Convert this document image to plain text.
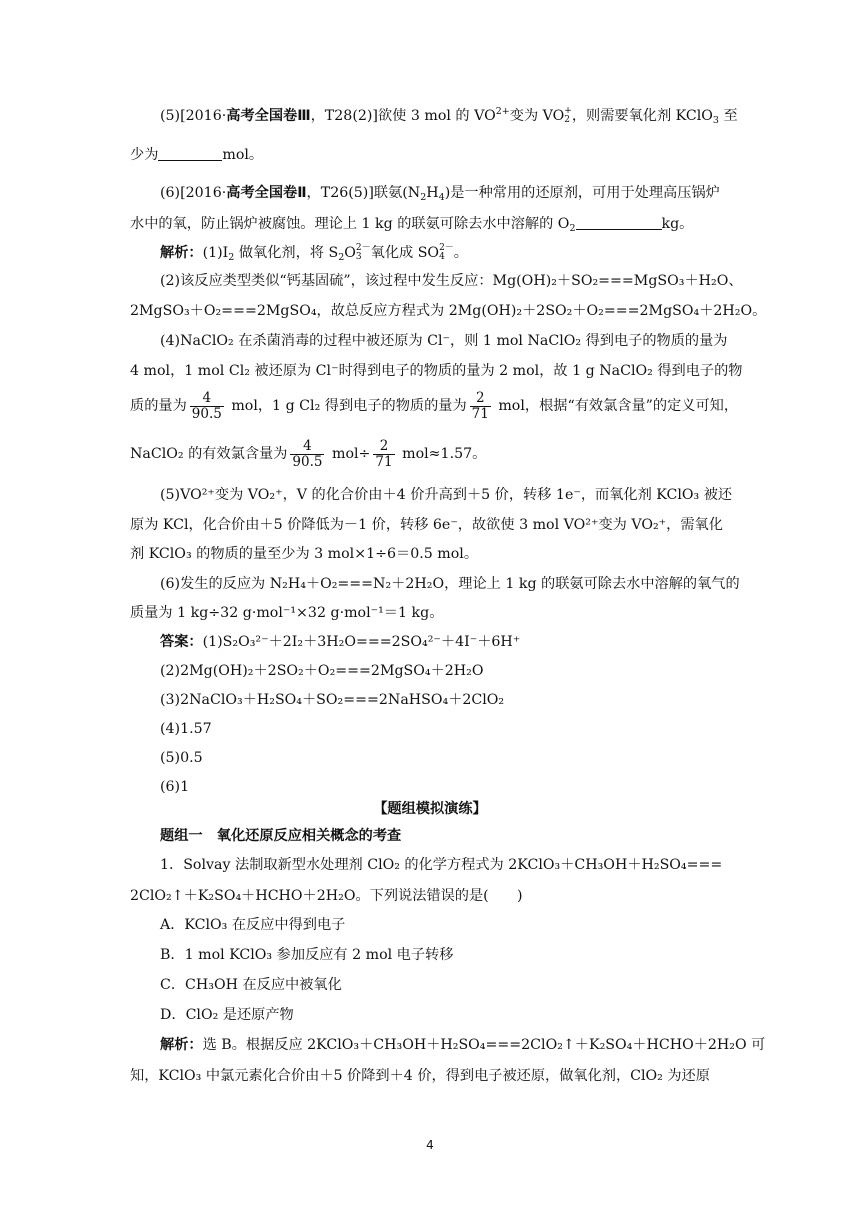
(5)[2016·高考全国卷Ⅲ，T28(2)]欲使 3 mol 的 $VO^{2+}$变为 VO +
2 ，则需要氧化剂 KClO$_3$ 至
少为	mol。
(6)[2016·高考全国卷Ⅱ，T26(5)]联氨$(N_2H_4)$是一种常用的还原剂，可用于处理高压锅炉
水中的氧，防止锅炉被腐蚀。理论上 1 kg 的联氨可除去水中溶解的 $O_2$	kg。
解析：$(1)I_2$ 做氧化剂，将 $S_2O$ 2－
3 氧化成 SO 2－
4 。
(2)该反应类型类似“钙基固硫”，该过程中发生反应：Mg(OH)₂＋SO₂===MgSO₃＋H₂O、
2MgSO₃＋O₂===2MgSO₄，故总反应方程式为 2Mg(OH)₂＋2SO₂＋O₂===2MgSO₄＋2H₂O。
(4)NaClO₂ 在杀菌消毒的过程中被还原为 Cl⁻，则 1 mol NaClO₂ 得到电子的物质的量为
4 mol，1 mol Cl₂ 被还原为 Cl⁻时得到电子的物质的量为 2 mol，故 1 g NaClO₂ 得到电子的物
质的量为 $\frac{4}{90.5}$ mol，1 g Cl₂ 得到电子的物质的量为 $\frac{2}{71}$ mol，根据“有效氯含量”的定义可知，
NaClO₂ 的有效氯含量为 $\frac{4}{90.5} mol\div \frac{2}{71} mol\approx 1.57$。
(5)VO²⁺变为 VO₂⁺，V 的化合价由＋4 价升高到＋5 价，转移 1e⁻，而氧化剂 KClO₃ 被还
原为 KCl，化合价由＋5 价降低为－1 价，转移 6e⁻，故欲使 3 mol VO²⁺变为 VO₂⁺，需氧化
剂 KClO₃ 的物质的量至少为 3 mol×1÷6＝0.5 mol。
(6)发生的反应为 N₂H₄＋O₂===N₂＋2H₂O，理论上 1 kg 的联氨可除去水中溶解的氧气的
质量为 1 kg÷32 g·mol⁻¹×32 g·mol⁻¹＝1 kg。
答案：(1)S₂O₃²⁻＋2I₂＋3H₂O===2SO₄²⁻＋4I⁻＋6H⁺
(2)2Mg(OH)₂＋2SO₂＋O₂===2MgSO₄＋2H₂O
(3)2NaClO₃＋H₂SO₄＋SO₂===2NaHSO₄＋2ClO₂
(4)1.57
(5)0.5
(6)1
【题组模拟演练】
题组一　氧化还原反应相关概念的考查
1．Solvay 法制取新型水处理剂 ClO₂ 的化学方程式为 2KClO₃＋CH₃OH＋H₂SO₄===
2ClO₂↑＋K₂SO₄＋HCHO＋2H₂O。下列说法错误的是(　　)
A．KClO₃ 在反应中得到电子
B．1 mol KClO₃ 参加反应有 2 mol 电子转移
C．CH₃OH 在反应中被氧化
D．ClO₂ 是还原产物
解析：选 B。根据反应 2KClO₃＋CH₃OH＋H₂SO₄===2ClO₂↑＋K₂SO₄＋HCHO＋2H₂O 可
知，KClO₃ 中氯元素化合价由＋5 价降到＋4 价，得到电子被还原，做氧化剂，ClO₂ 为还原
4
